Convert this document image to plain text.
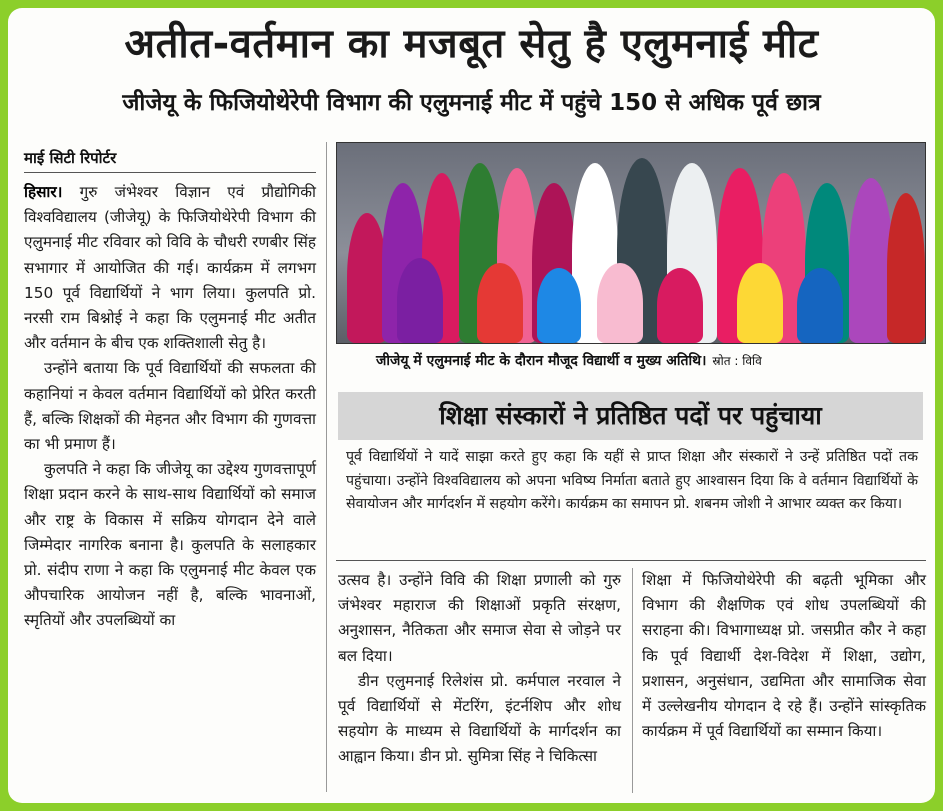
अतीत-वर्तमान का मजबूत सेतु है एलुमनाई मीट
जीजेयू के फिजियोथेरेपी विभाग की एलुमनाई मीट में पहुंचे 150 से अधिक पूर्व छात्र
माई सिटी रिपोर्टर

हिसार। गुरु जंभेश्वर विज्ञान एवं प्रौद्योगिकी विश्वविद्यालय (जीजेयू) के फिजियोथेरेपी विभाग की एलुमनाई मीट रविवार को विवि के चौधरी रणबीर सिंह सभागार में आयोजित की गई। कार्यक्रम में लगभग 150 पूर्व विद्यार्थियों ने भाग लिया। कुलपति प्रो. नरसी राम बिश्नोई ने कहा कि एलुमनाई मीट अतीत और वर्तमान के बीच एक शक्तिशाली सेतु है।

उन्होंने बताया कि पूर्व विद्यार्थियों की सफलता की कहानियां न केवल वर्तमान विद्यार्थियों को प्रेरित करती हैं, बल्कि शिक्षकों की मेहनत और विभाग की गुणवत्ता का भी प्रमाण हैं।

कुलपति ने कहा कि जीजेयू का उद्देश्य गुणवत्तापूर्ण शिक्षा प्रदान करने के साथ-साथ विद्यार्थियों को समाज और राष्ट्र के विकास में सक्रिय योगदान देने वाले जिम्मेदार नागरिक बनाना है। कुलपति के सलाहकार प्रो. संदीप राणा ने कहा कि एलुमनाई मीट केवल एक औपचारिक आयोजन नहीं है, बल्कि भावनाओं, स्मृतियों और उपलब्धियों का

जीजेयू में एलुमनाई मीट के दौरान मौजूद विद्यार्थी व मुख्य अतिथि। स्रोत : विवि
शिक्षा संस्कारों ने प्रतिष्ठित पदों पर पहुंचाया
पूर्व विद्यार्थियों ने यादें साझा करते हुए कहा कि यहीं से प्राप्त शिक्षा और संस्कारों ने उन्हें प्रतिष्ठित पदों तक पहुंचाया। उन्होंने विश्वविद्यालय को अपना भविष्य निर्माता बताते हुए आश्वासन दिया कि वे वर्तमान विद्यार्थियों के सेवायोजन और मार्गदर्शन में सहयोग करेंगे। कार्यक्रम का समापन प्रो. शबनम जोशी ने आभार व्यक्त कर किया।

उत्सव है। उन्होंने विवि की शिक्षा प्रणाली को गुरु जंभेश्वर महाराज की शिक्षाओं प्रकृति संरक्षण, अनुशासन, नैतिकता और समाज सेवा से जोड़ने पर बल दिया।

डीन एलुमनाई रिलेशंस प्रो. कर्मपाल नरवाल ने पूर्व विद्यार्थियों से मेंटरिंग, इंटर्नशिप और शोध सहयोग के माध्यम से विद्यार्थियों के मार्गदर्शन का आह्वान किया। डीन प्रो. सुमित्रा सिंह ने चिकित्सा

शिक्षा में फिजियोथेरेपी की बढ़ती भूमिका और विभाग की शैक्षणिक एवं शोध उपलब्धियों की सराहना की। विभागाध्यक्ष प्रो. जसप्रीत कौर ने कहा कि पूर्व विद्यार्थी देश-विदेश में शिक्षा, उद्योग, प्रशासन, अनुसंधान, उद्यमिता और सामाजिक सेवा में उल्लेखनीय योगदान दे रहे हैं। उन्होंने सांस्कृतिक कार्यक्रम में पूर्व विद्यार्थियों का सम्मान किया।
